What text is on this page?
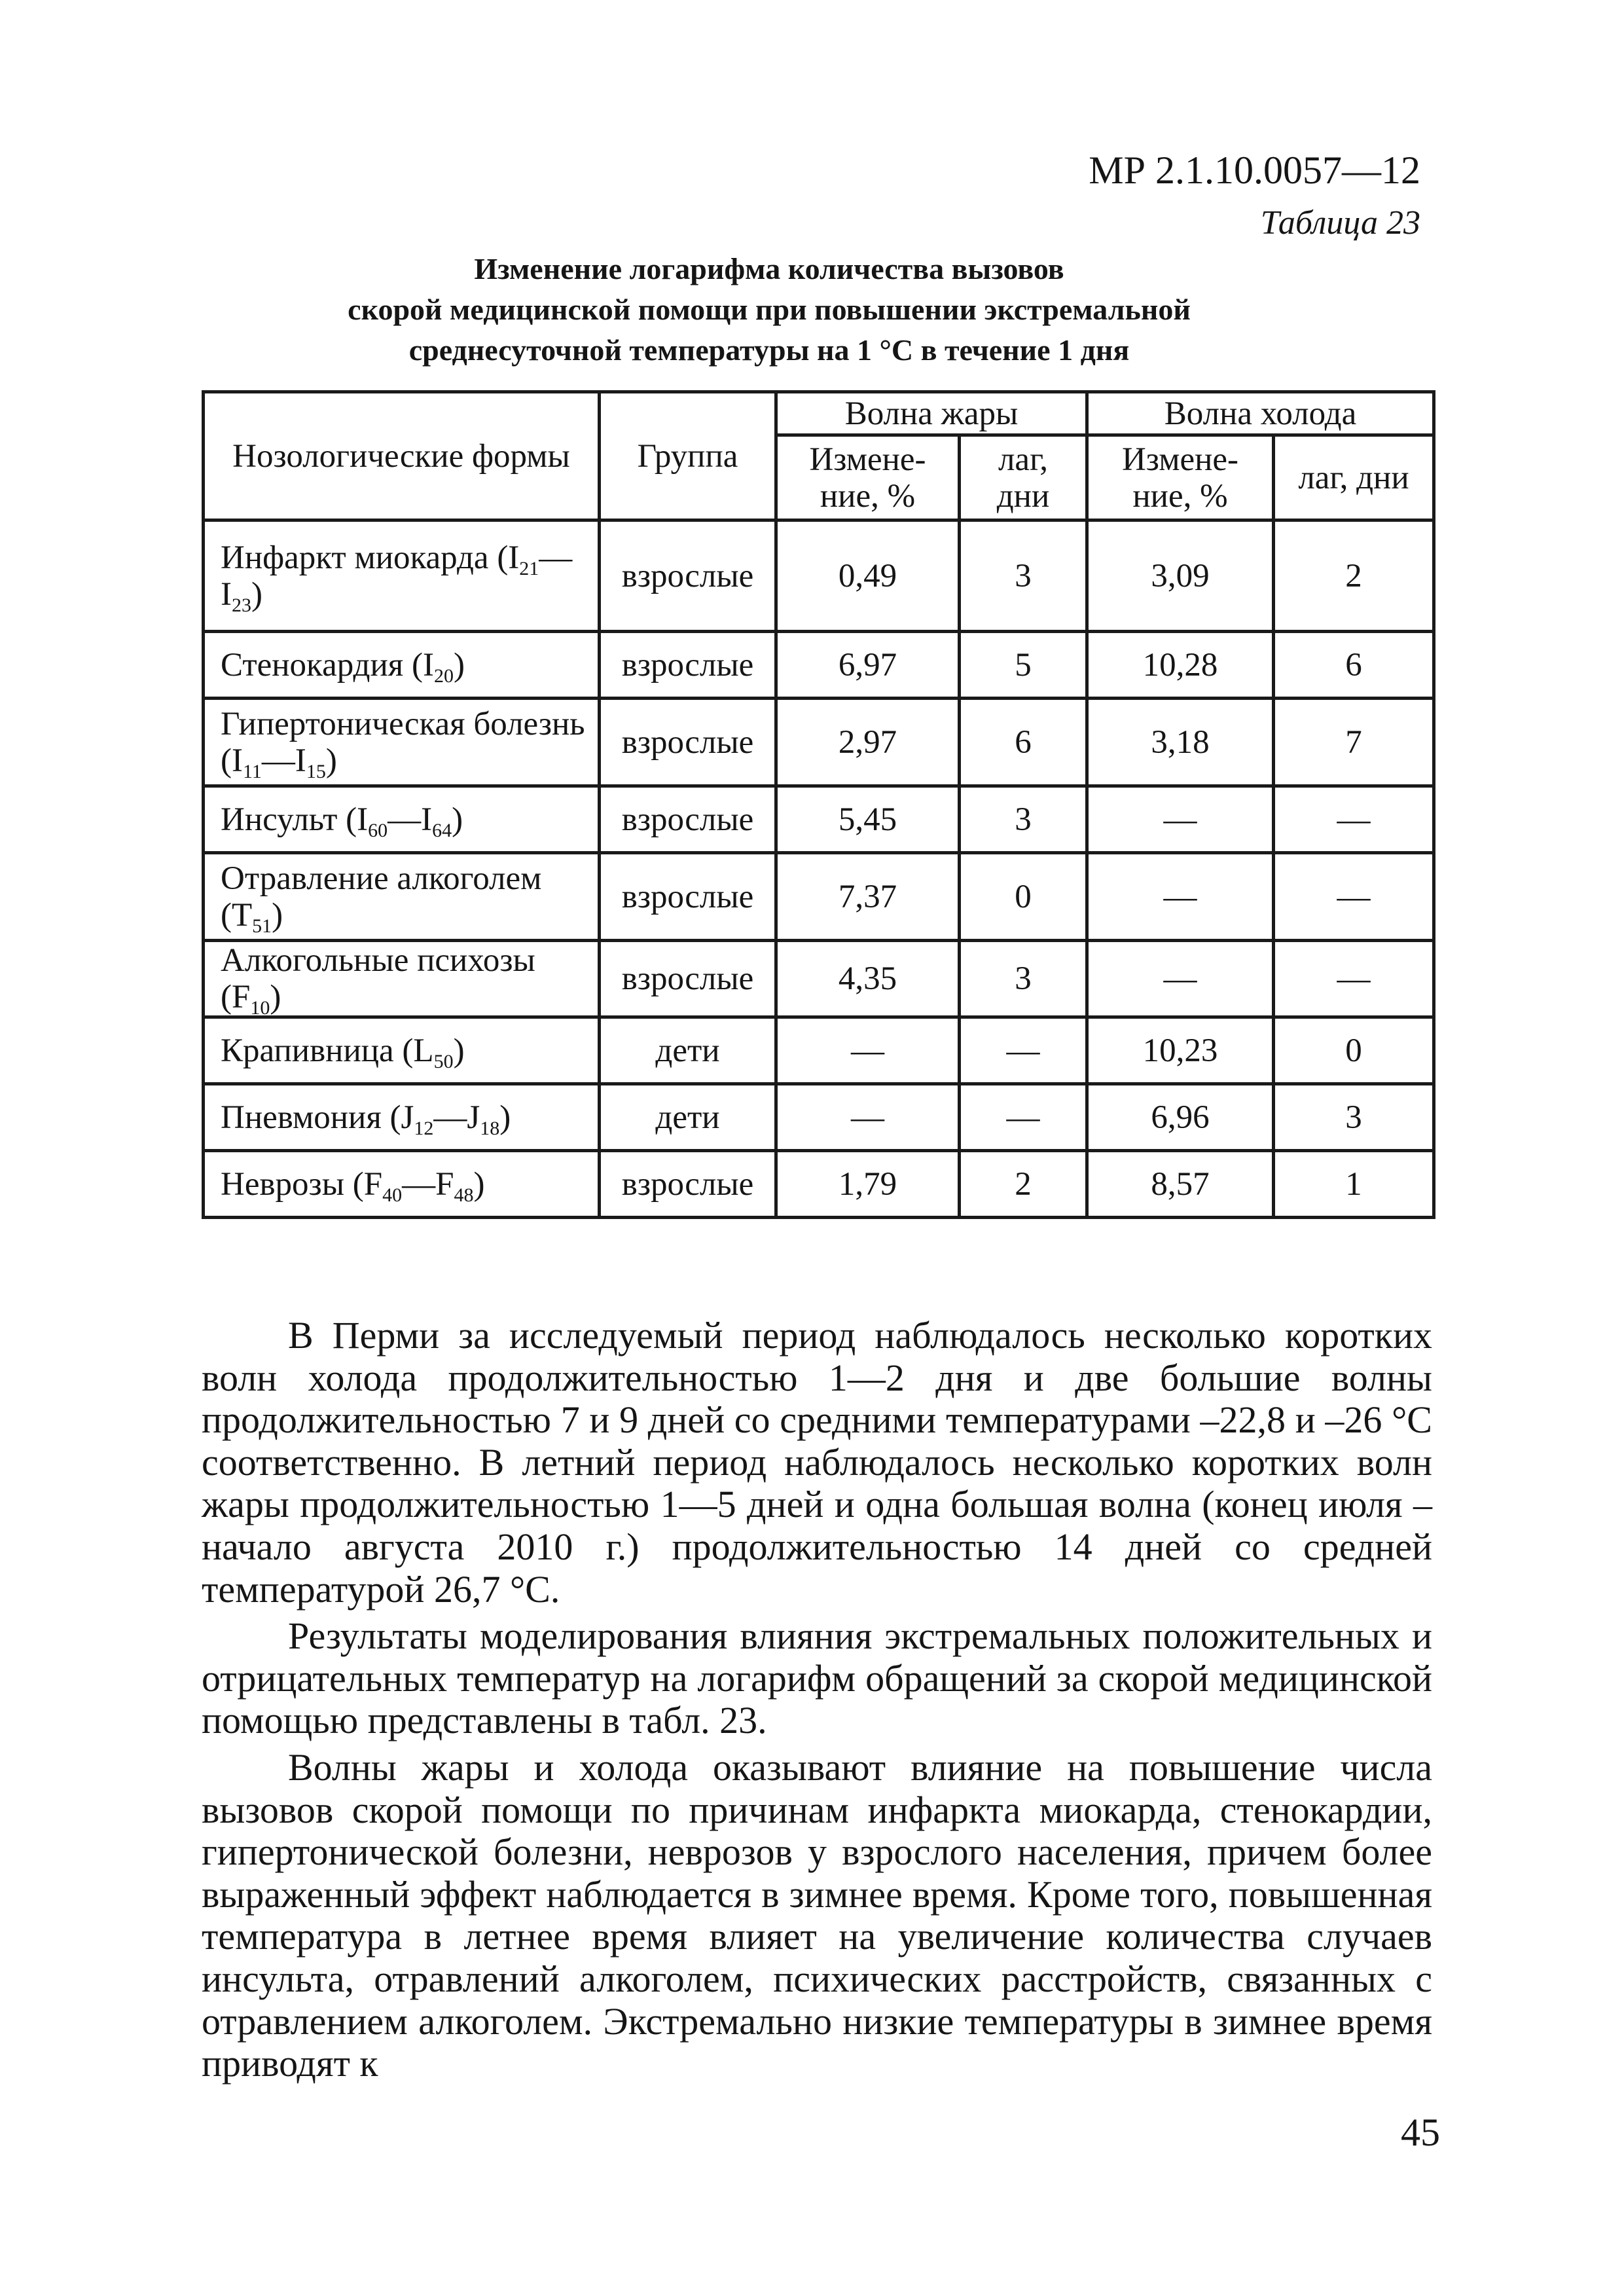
МР 2.1.10.0057—12
Таблица 23
Изменение логарифма количества вызовов
скорой медицинской помощи при повышении экстремальной
среднесуточной температуры на 1 °С в течение 1 дня
Нозологические формы	Группа	Волна жары		Волна холода	
		Измене-ние, %	лаг, дни	Измене-ние, %	лаг, дни
Инфаркт миокарда $(I_{21}—I_{23})$	взрослые	0,49	3	3,09	2
Стенокардия $(I_{20})$	взрослые	6,97	5	10,28	6
Гипертоническая болезнь $(I_{11}—I_{15})$	взрослые	2,97	6	3,18	7
Инсульт $(I_{60}—I_{64})$	взрослые	5,45	3	—	—
Отравление алкоголем $(T_{51})$	взрослые	7,37	0	—	—
Алкогольные психозы $(F_{10})$	взрослые	4,35	3	—	—
Крапивница $(L_{50})$	дети	—	—	10,23	0
Пневмония $(J_{12}—J_{18})$	дети	—	—	6,96	3
Неврозы $(F_{40}—F_{48})$	взрослые	1,79	2	8,57	1

В Перми за исследуемый период наблюдалось несколько коротких волн холода продолжительностью 1—2 дня и две большие волны продолжительностью 7 и 9 дней со средними температурами –22,8 и –26 °С соответственно. В летний период наблюдалось несколько коротких волн жары продолжительностью 1—5 дней и одна большая волна (конец июля – начало августа 2010 г.) продолжительностью 14 дней со средней температурой 26,7 °С.

Результаты моделирования влияния экстремальных положительных и отрицательных температур на логарифм обращений за скорой медицинской помощью представлены в табл. 23.

Волны жары и холода оказывают влияние на повышение числа вызовов скорой помощи по причинам инфаркта миокарда, стенокардии, гипертонической болезни, неврозов у взрослого населения, причем более выраженный эффект наблюдается в зимнее время. Кроме того, повышенная температура в летнее время влияет на увеличение количества случаев инсульта, отравлений алкоголем, психических расстройств, связанных с отравлением алкоголем. Экстремально низкие температуры в зимнее время приводят к

45
